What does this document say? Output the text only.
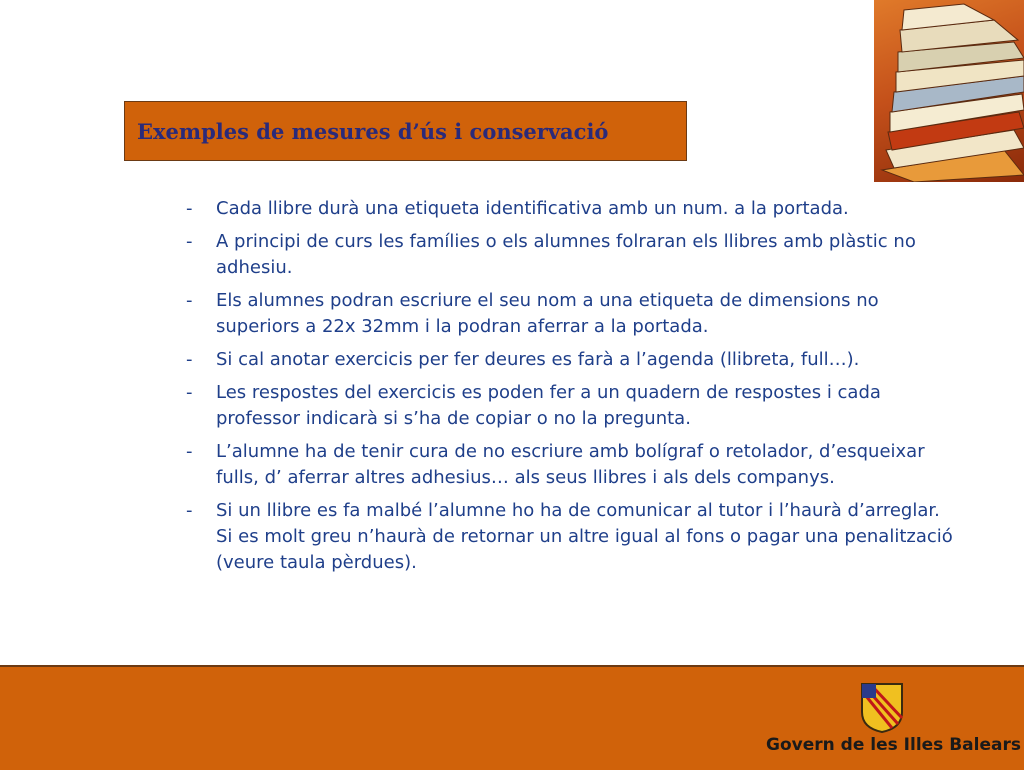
Exemples de mesures d’ús i conservació
- Cada llibre durà una etiqueta identificativa amb un num. a la portada.
- A principi de curs les famílies o els alumnes folraran els llibres amb plàstic no adhesiu.
- Els alumnes podran escriure el seu nom a una etiqueta de dimensions no superiors a 22x 32mm i la podran aferrar a la portada.
- Si cal anotar exercicis per fer deures es farà a l’agenda (llibreta, full…).
- Les respostes del exercicis es poden fer a un quadern de respostes i cada professor indicarà si s’ha de copiar o no la pregunta.
- L’alumne ha de tenir cura de no escriure amb bolígraf o retolador, d’esqueixar fulls, d’ aferrar altres adhesius… als seus llibres i als dels companys.
- Si un llibre es fa malbé l’alumne ho ha de comunicar al tutor i l’haurà d’arreglar. Si es molt greu n’haurà de retornar un altre igual al fons o pagar una penalització (veure taula pèrdues).
Govern de les Illes Balears
